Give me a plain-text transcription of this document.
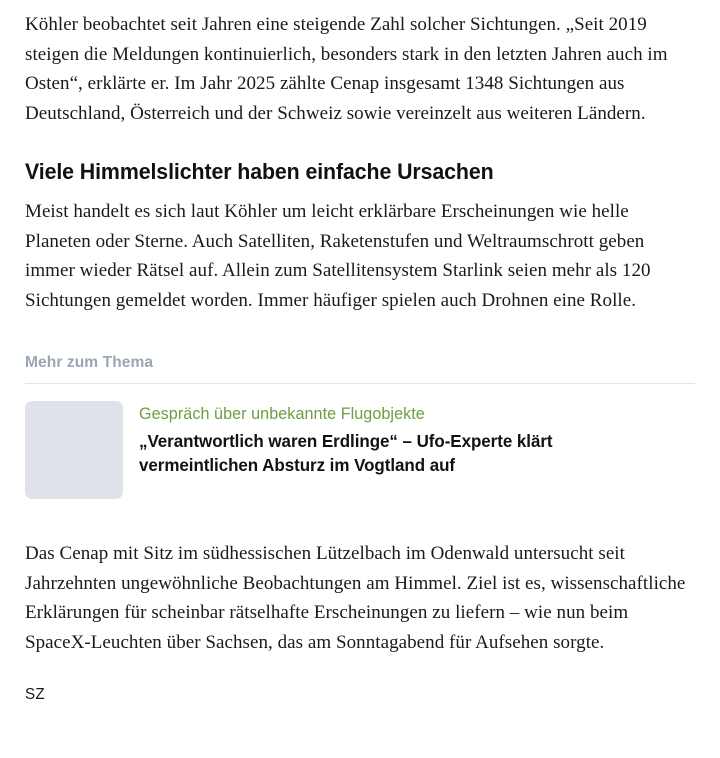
Köhler beobachtet seit Jahren eine steigende Zahl solcher Sichtungen. „Seit 2019 steigen die Meldungen kontinuierlich, besonders stark in den letzten Jahren auch im Osten“, erklärte er. Im Jahr 2025 zählte Cenap insgesamt 1348 Sichtungen aus Deutschland, Österreich und der Schweiz sowie vereinzelt aus weiteren Ländern.

Viele Himmelslichter haben einfache Ursachen

Meist handelt es sich laut Köhler um leicht erklärbare Erscheinungen wie helle Planeten oder Sterne. Auch Satelliten, Raketenstufen und Weltraumschrott geben immer wieder Rätsel auf. Allein zum Satellitensystem Starlink seien mehr als 120 Sichtungen gemeldet worden. Immer häufiger spielen auch Drohnen eine Rolle.

Mehr zum Thema
Gespräch über unbekannte Flugobjekte
„Verantwortlich waren Erdlinge“ – Ufo-Experte klärt vermeintlichen Absturz im Vogtland auf

Das Cenap mit Sitz im südhessischen Lützelbach im Odenwald untersucht seit Jahrzehnten ungewöhnliche Beobachtungen am Himmel. Ziel ist es, wissenschaftliche Erklärungen für scheinbar rätselhafte Erscheinungen zu liefern – wie nun beim SpaceX-Leuchten über Sachsen, das am Sonntagabend für Aufsehen sorgte.

SZ
